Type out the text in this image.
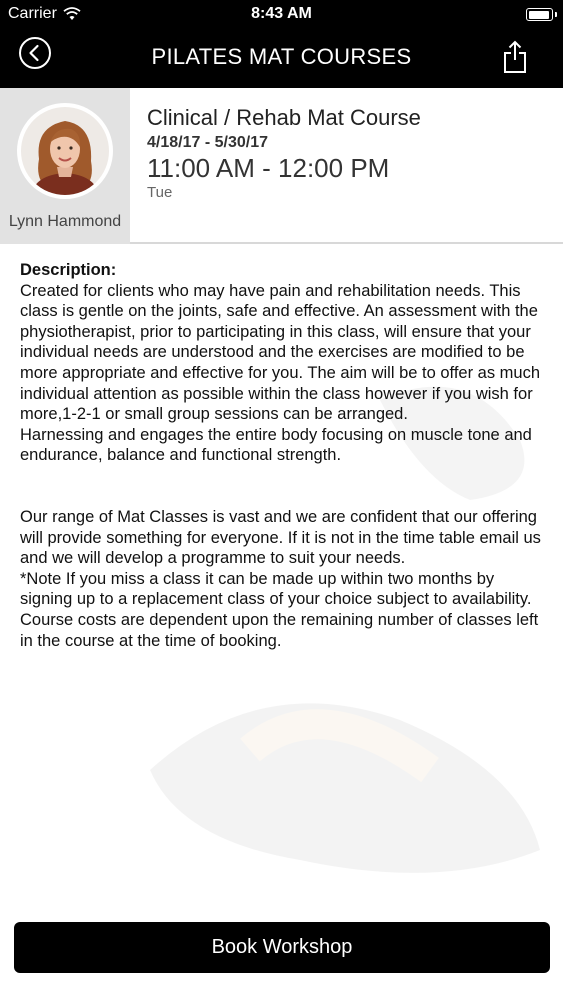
Carrier	8:43 AM
PILATES MAT COURSES
Lynn Hammond
Clinical / Rehab Mat Course
4/18/17 - 5/30/17
11:00 AM - 12:00 PM
Tue
Description:
Created for clients who may have pain and rehabilitation needs. This class is gentle on the joints, safe and effective. An assessment with the physiotherapist, prior to participating in this class, will ensure that your individual needs are understood and the exercises are modified to be more appropriate and effective for you. The aim will be to offer as much individual attention as possible within the class however if you wish for more,1-2-1 or small group sessions can be arranged.
Harnessing and engages the entire body focusing on muscle tone and endurance, balance and functional strength.
Our range of Mat Classes is vast and we are confident that our offering will provide something for everyone. If it is not in the time table email us and we will develop a programme to suit your needs.
*Note If you miss a class it can be made up within two months by signing up to a replacement class of your choice subject to availability. Course costs are dependent upon the remaining number of classes left in the course at the time of booking.
Book Workshop
